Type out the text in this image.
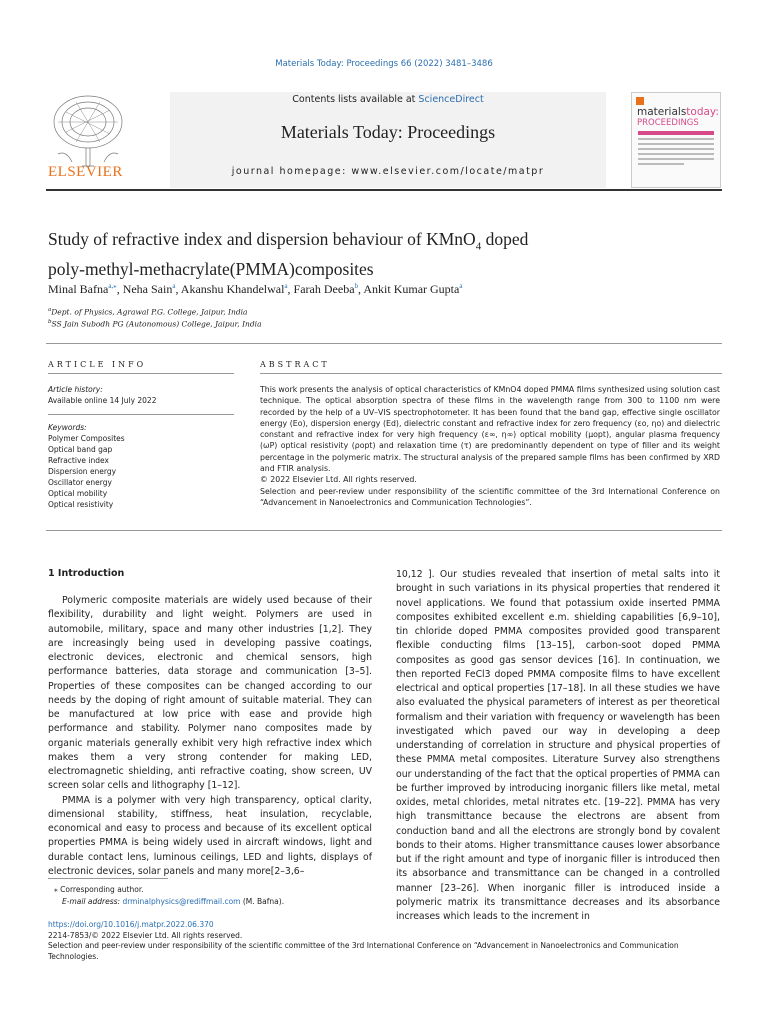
Materials Today: Proceedings 66 (2022) 3481–3486
ELSEVIER
Contents lists available at ScienceDirect
Materials Today: Proceedings
journal homepage: www.elsevier.com/locate/matpr
materialstoday:
PROCEEDINGS
Study of refractive index and dispersion behaviour of KMnO$_4$ doped
poly-methyl-methacrylate(PMMA)composites
Minal Bafna$^{a,⁎}$, Neha Sain$^a$, Akanshu Khandelwal$^a$, Farah Deeba$^b$, Ankit Kumar Gupta$^a$
$^a$Dept. of Physics, Agrawal P.G. College, Jaipur, India
$^b$SS Jain Subodh PG (Autonomous) College, Jaipur, India
ARTICLE INFO
Article history:
Available online 14 July 2022
Keywords:
Polymer Composites
Optical band gap
Refractive index
Dispersion energy
Oscillator energy
Optical mobility
Optical resistivity
ABSTRACT
This work presents the analysis of optical characteristics of KMnO4 doped PMMA films synthesized using solution cast technique. The optical absorption spectra of these films in the wavelength range from 300 to 1100 nm were recorded by the help of a UV–VIS spectrophotometer. It has been found that the band gap, effective single oscillator energy (Eo), dispersion energy (Ed), dielectric constant and refractive index for zero frequency (εo, ηo) and dielectric constant and refractive index for very high frequency (ε∞, η∞) optical mobility (μopt), angular plasma frequency (ωP) optical resistivity (ρopt) and relaxation time (τ) are predominantly dependent on type of filler and its weight percentage in the polymeric matrix. The structural analysis of the prepared sample films has been confirmed by XRD and FTIR analysis.
© 2022 Elsevier Ltd. All rights reserved.
Selection and peer-review under responsibility of the scientific committee of the 3rd International Conference on “Advancement in Nanoelectronics and Communication Technologies”.
1 Introduction

Polymeric composite materials are widely used because of their flexibility, durability and light weight. Polymers are used in automobile, military, space and many other industries [1,2]. They are increasingly being used in developing passive coatings, electronic devices, electronic and chemical sensors, high performance batteries, data storage and communication [3–5]. Properties of these composites can be changed according to our needs by the doping of right amount of suitable material. They can be manufactured at low price with ease and provide high performance and stability. Polymer nano composites made by organic materials generally exhibit very high refractive index which makes them a very strong contender for making LED, electromagnetic shielding, anti refractive coating, show screen, UV screen solar cells and lithography [1–12].

PMMA is a polymer with very high transparency, optical clarity, dimensional stability, stiffness, heat insulation, recyclable, economical and easy to process and because of its excellent optical properties PMMA is being widely used in aircraft windows, light and durable contact lens, luminous ceilings, LED and lights, displays of electronic devices, solar panels and many more[2–3,6–

10,12 ]. Our studies revealed that insertion of metal salts into it brought in such variations in its physical properties that rendered it novel applications. We found that potassium oxide inserted PMMA composites exhibited excellent e.m. shielding capabilities [6,9–10], tin chloride doped PMMA composites provided good transparent flexible conducting films [13–15], carbon-soot doped PMMA composites as good gas sensor devices [16]. In continuation, we then reported FeCl3 doped PMMA composite films to have excellent electrical and optical properties [17–18]. In all these studies we have also evaluated the physical parameters of interest as per theoretical formalism and their variation with frequency or wavelength has been investigated which paved our way in developing a deep understanding of correlation in structure and physical properties of these PMMA metal composites. Literature Survey also strengthens our understanding of the fact that the optical properties of PMMA can be further improved by introducing inorganic fillers like metal, metal oxides, metal chlorides, metal nitrates etc. [19–22]. PMMA has very high transmittance because the electrons are absent from conduction band and all the electrons are strongly bond by covalent bonds to their atoms. Higher transmittance causes lower absorbance but if the right amount and type of inorganic filler is introduced then its absorbance and transmittance can be changed in a controlled manner [23–26]. When inorganic filler is introduced inside a polymeric matrix its transmittance decreases and its absorbance increases which leads to the increment in

⁎ Corresponding author.
E-mail address: drminalphysics@rediffmail.com (M. Bafna).
https://doi.org/10.1016/j.matpr.2022.06.370
2214-7853/© 2022 Elsevier Ltd. All rights reserved.
Selection and peer-review under responsibility of the scientific committee of the 3rd International Conference on “Advancement in Nanoelectronics and Communication Technologies.
